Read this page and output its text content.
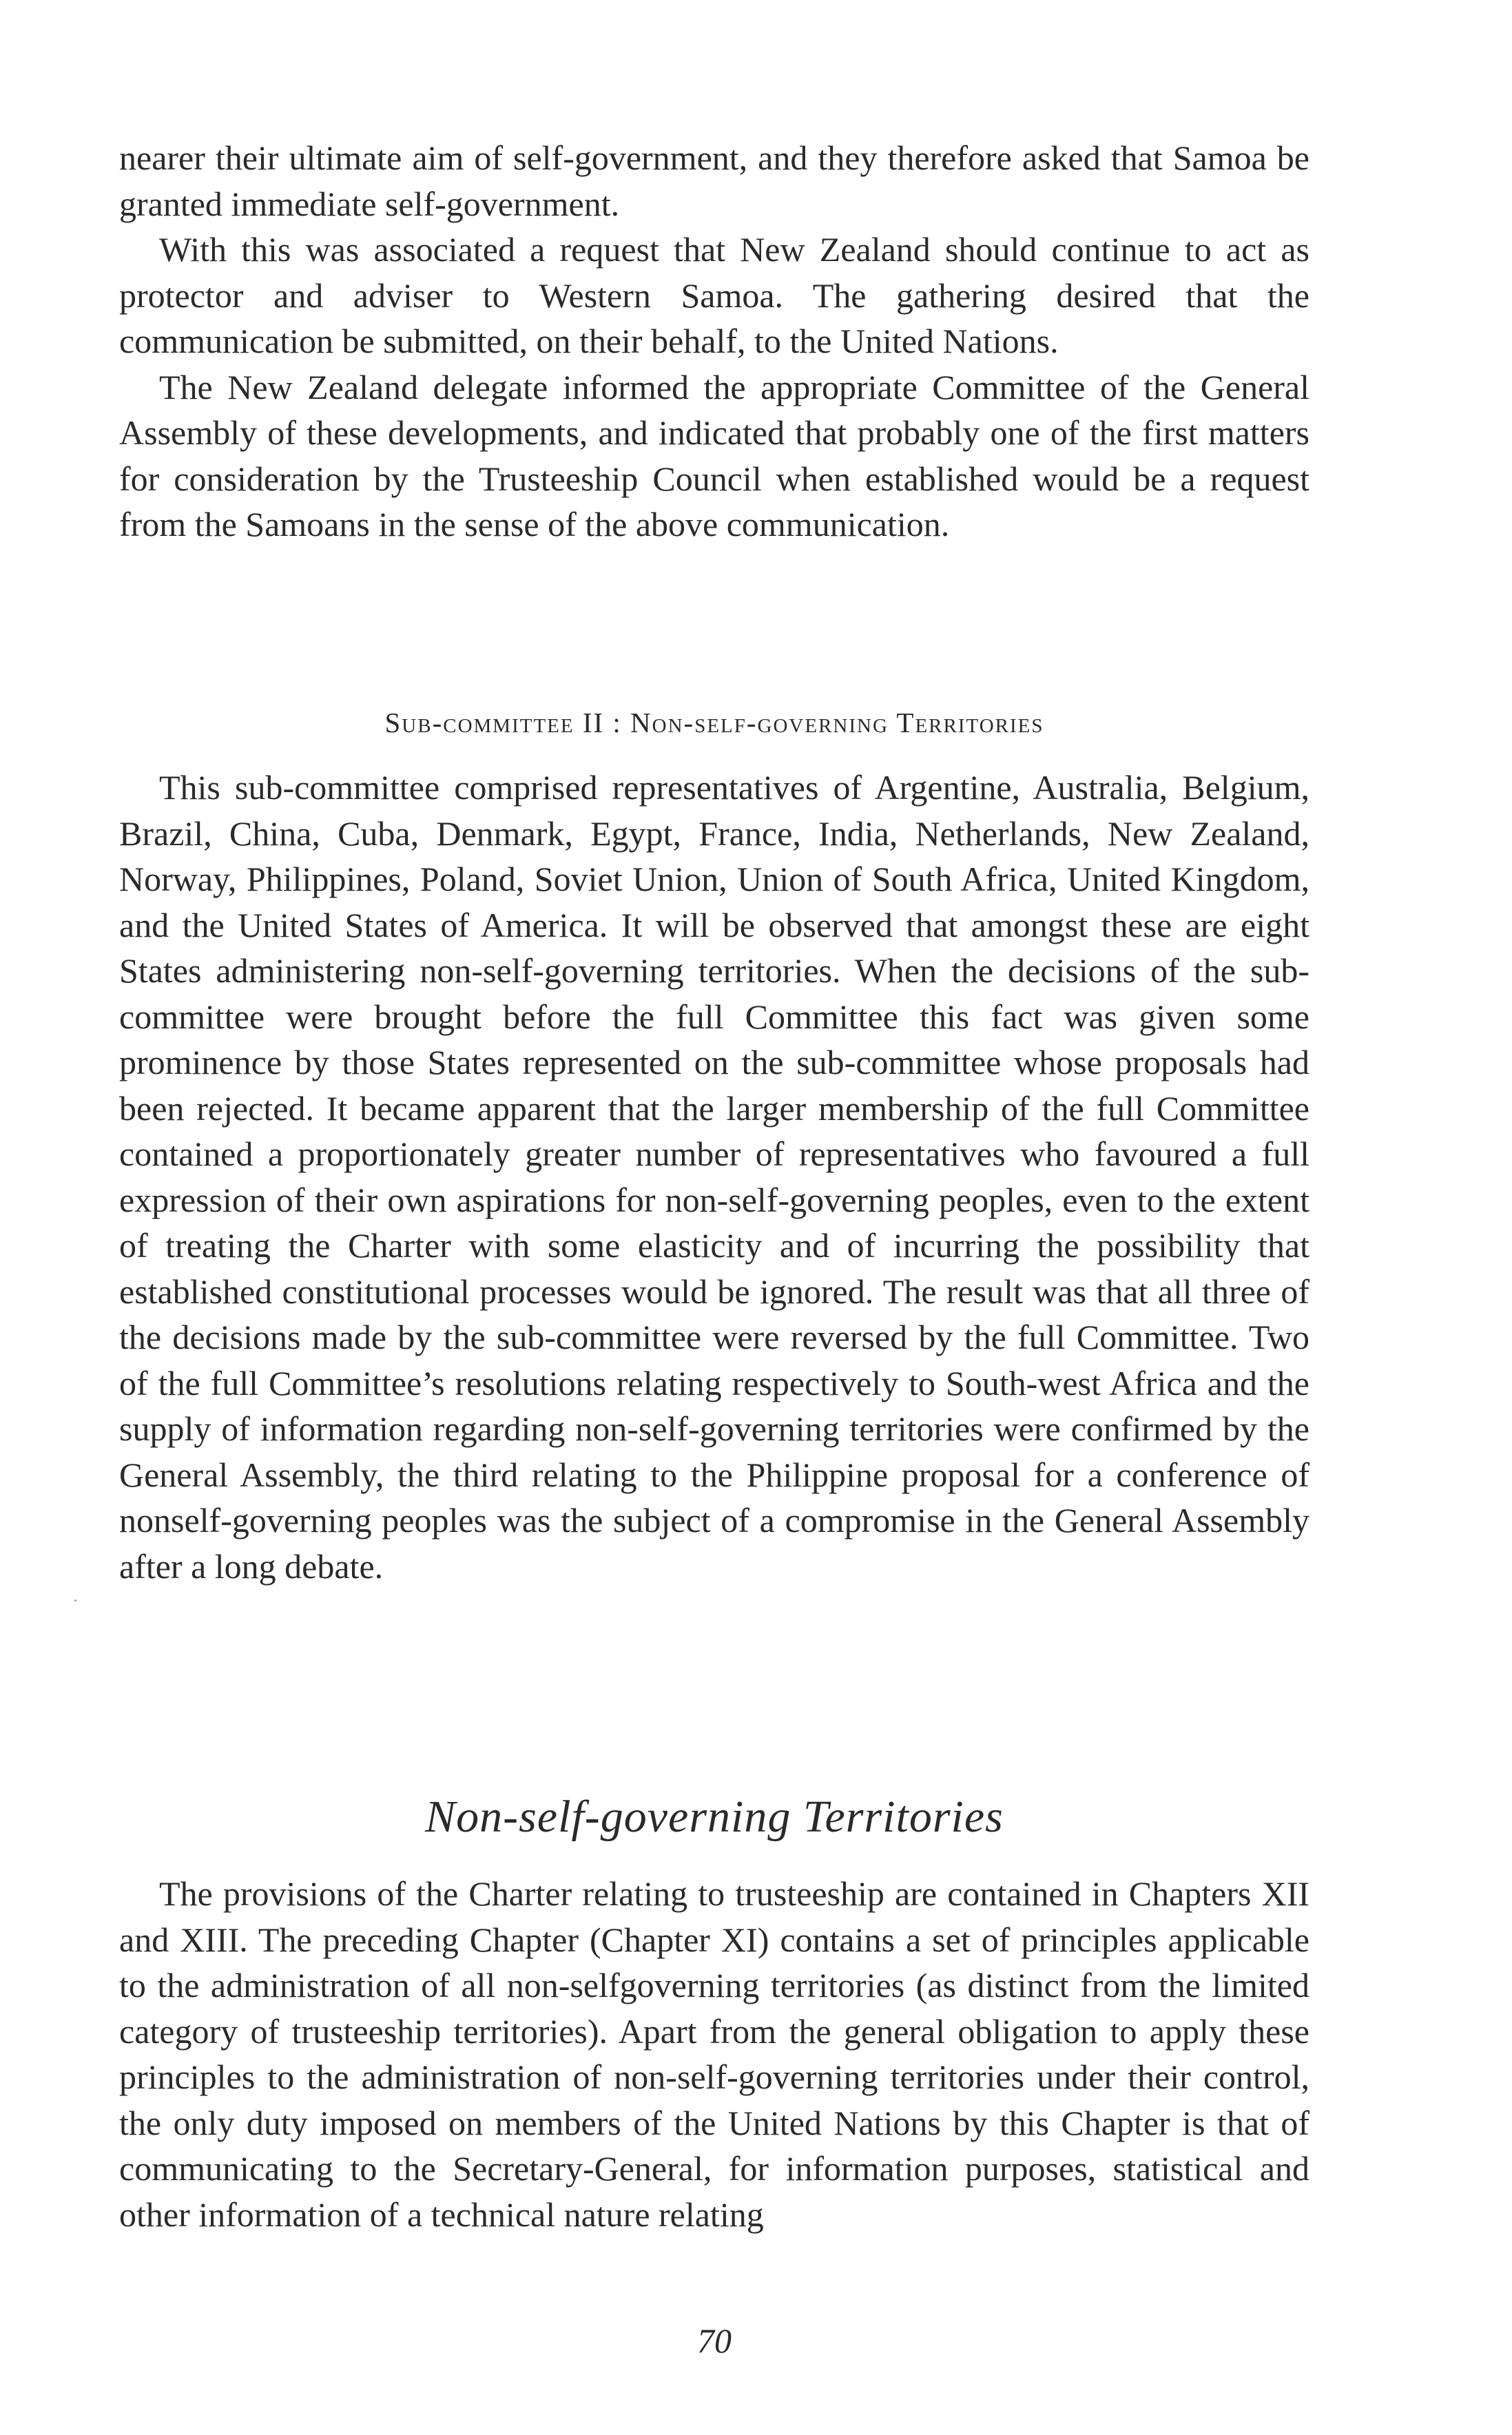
nearer their ultimate aim of self-government, and they therefore asked that Samoa be granted immediate self-government.

With this was associated a request that New Zealand should continue to act as protector and adviser to Western Samoa. The gathering desired that the communication be submitted, on their behalf, to the United Nations.

The New Zealand delegate informed the appropriate Committee of the General Assembly of these developments, and indicated that probably one of the first matters for consideration by the Trusteeship Council when established would be a request from the Samoans in the sense of the above communication.

Sub-committee II : Non-self-governing Territories

This sub-committee comprised representatives of Argentine, Australia, Belgium, Brazil, China, Cuba, Denmark, Egypt, France, India, Netherlands, New Zealand, Norway, Philippines, Poland, Soviet Union, Union of South Africa, United Kingdom, and the United States of America. It will be observed that amongst these are eight States administering non-self-governing territories. When the decisions of the sub-committee were brought before the full Committee this fact was given some prominence by those States represented on the sub-committee whose proposals had been rejected. It became apparent that the larger membership of the full Committee contained a proportionately greater number of representatives who favoured a full expression of their own aspirations for non-self-governing peoples, even to the extent of treating the Charter with some elasticity and of incurring the possibility that established constitutional processes would be ignored. The result was that all three of the decisions made by the sub-committee were reversed by the full Committee. Two of the full Committee’s resolutions relating respectively to South-west Africa and the supply of information regarding non-self-governing territories were confirmed by the General Assembly, the third relating to the Philippine proposal for a conference of nonself-governing peoples was the subject of a compromise in the General Assembly after a long debate.

Non-self-governing Territories

The provisions of the Charter relating to trusteeship are contained in Chapters XII and XIII. The preceding Chapter (Chapter XI) contains a set of principles applicable to the administration of all non-selfgoverning territories (as distinct from the limited category of trusteeship territories). Apart from the general obligation to apply these principles to the administration of non-self-governing territories under their control, the only duty imposed on members of the United Nations by this Chapter is that of communicating to the Secretary-General, for information purposes, statistical and other information of a technical nature relating

70
